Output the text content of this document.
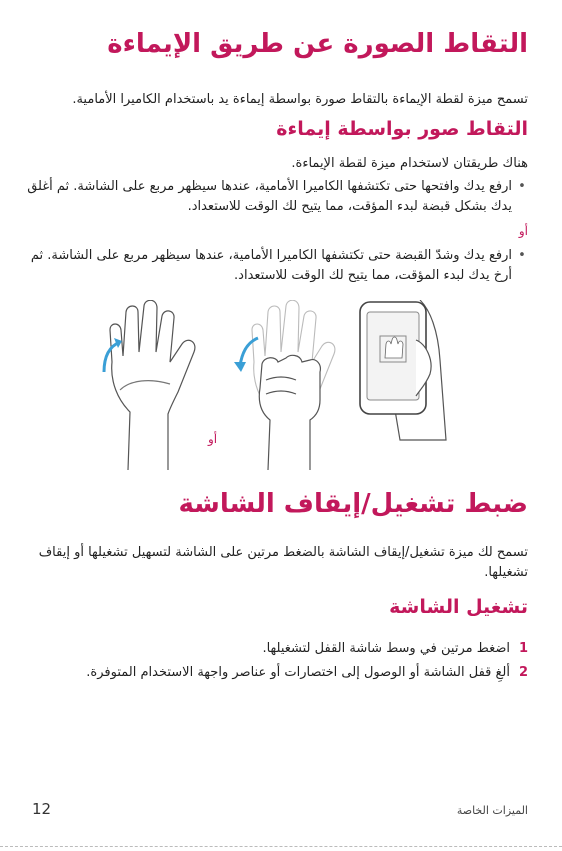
التقاط الصورة عن طريق الإيماءة
تسمح ميزة لقطة الإيماءة بالتقاط صورة بواسطة إيماءة يد باستخدام الكاميرا الأمامية.
التقاط صور بواسطة إيماءة
هناك طريقتان لاستخدام ميزة لقطة الإيماءة.
•
ارفع يدك وافتحها حتى تكتشفها الكاميرا الأمامية، عندها سيظهر مربع على الشاشة. ثم أغلق يدك بشكل قبضة لبدء المؤقت، مما يتيح لك الوقت للاستعداد.
أو
•
ارفع يدك وشدّ القبضة حتى تكتشفها الكاميرا الأمامية، عندها سيظهر مربع على الشاشة. ثم أرخ يدك لبدء المؤقت، مما يتيح لك الوقت للاستعداد.
أو
ضبط تشغيل/إيقاف الشاشة
تسمح لك ميزة تشغيل/إيقاف الشاشة بالضغط مرتين على الشاشة لتسهيل تشغيلها أو إيقاف تشغيلها.
تشغيل الشاشة
1
اضغط مرتين في وسط شاشة القفل لتشغيلها.
2
ألغِ قفل الشاشة أو الوصول إلى اختصارات أو عناصر واجهة الاستخدام المتوفرة.
الميزات الخاصة
12
